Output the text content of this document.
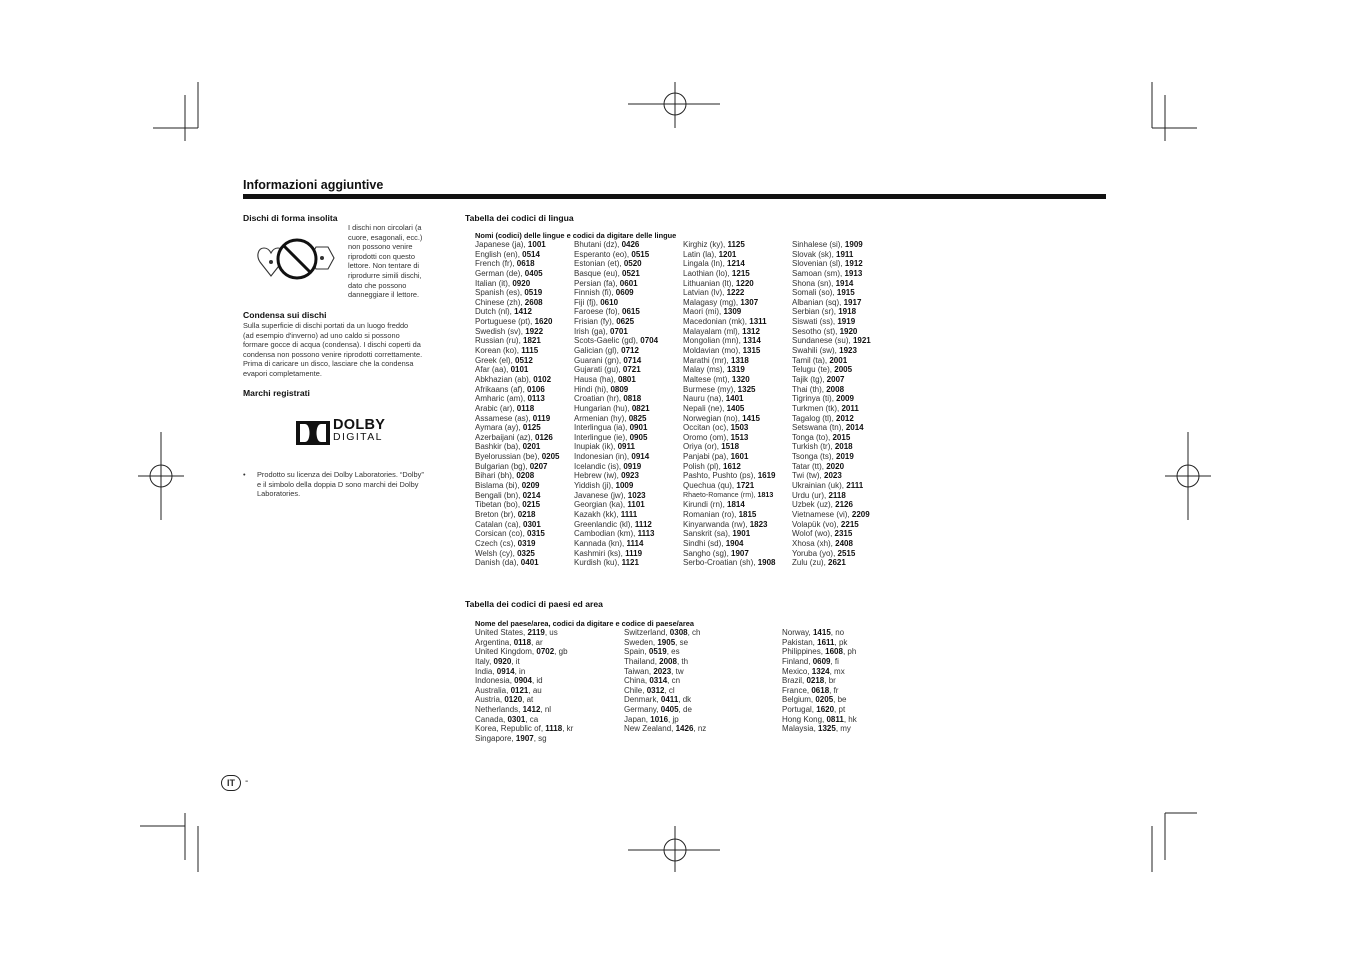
Informazioni aggiuntive
Dischi di forma insolita
I dischi non circolari (a
cuore, esagonali, ecc.)
non possono venire
riprodotti con questo
lettore. Non tentare di
riprodurre simili dischi,
dato che possono
danneggiare il lettore.
Condensa sui dischi
Sulla superficie di dischi portati da un luogo freddo
(ad esempio d'inverno) ad uno caldo si possono
formare gocce di acqua (condensa). I dischi coperti da
condensa non possono venire riprodotti correttamente.
Prima di caricare un disco, lasciare che la condensa
evapori completamente.
Marchi registrati
DOLBY
DIGITAL
• Prodotto su licenza dei Dolby Laboratories. “Dolby”
e il simbolo della doppia D sono marchi dei Dolby
Laboratories.
Tabella dei codici di lingua
Nomi (codici) delle lingue e codici da digitare delle lingue
Japanese (ja), 1001
English (en), 0514
French (fr), 0618
German (de), 0405
Italian (it), 0920
Spanish (es), 0519
Chinese (zh), 2608
Dutch (nl), 1412
Portuguese (pt), 1620
Swedish (sv), 1922
Russian (ru), 1821
Korean (ko), 1115
Greek (el), 0512
Afar (aa), 0101
Abkhazian (ab), 0102
Afrikaans (af), 0106
Amharic (am), 0113
Arabic (ar), 0118
Assamese (as), 0119
Aymara (ay), 0125
Azerbaijani (az), 0126
Bashkir (ba), 0201
Byelorussian (be), 0205
Bulgarian (bg), 0207
Bihari (bh), 0208
Bislama (bi), 0209
Bengali (bn), 0214
Tibetan (bo), 0215
Breton (br), 0218
Catalan (ca), 0301
Corsican (co), 0315
Czech (cs), 0319
Welsh (cy), 0325
Danish (da), 0401
Bhutani (dz), 0426
Esperanto (eo), 0515
Estonian (et), 0520
Basque (eu), 0521
Persian (fa), 0601
Finnish (fi), 0609
Fiji (fj), 0610
Faroese (fo), 0615
Frisian (fy), 0625
Irish (ga), 0701
Scots-Gaelic (gd), 0704
Galician (gl), 0712
Guarani (gn), 0714
Gujarati (gu), 0721
Hausa (ha), 0801
Hindi (hi), 0809
Croatian (hr), 0818
Hungarian (hu), 0821
Armenian (hy), 0825
Interlingua (ia), 0901
Interlingue (ie), 0905
Inupiak (ik), 0911
Indonesian (in), 0914
Icelandic (is), 0919
Hebrew (iw), 0923
Yiddish (ji), 1009
Javanese (jw), 1023
Georgian (ka), 1101
Kazakh (kk), 1111
Greenlandic (kl), 1112
Cambodian (km), 1113
Kannada (kn), 1114
Kashmiri (ks), 1119
Kurdish (ku), 1121
Kirghiz (ky), 1125
Latin (la), 1201
Lingala (ln), 1214
Laothian (lo), 1215
Lithuanian (lt), 1220
Latvian (lv), 1222
Malagasy (mg), 1307
Maori (mi), 1309
Macedonian (mk), 1311
Malayalam (ml), 1312
Mongolian (mn), 1314
Moldavian (mo), 1315
Marathi (mr), 1318
Malay (ms), 1319
Maltese (mt), 1320
Burmese (my), 1325
Nauru (na), 1401
Nepali (ne), 1405
Norwegian (no), 1415
Occitan (oc), 1503
Oromo (om), 1513
Oriya (or), 1518
Panjabi (pa), 1601
Polish (pl), 1612
Pashto, Pushto (ps), 1619
Quechua (qu), 1721
Rhaeto-Romance (rm), 1813
Kirundi (rn), 1814
Romanian (ro), 1815
Kinyarwanda (rw), 1823
Sanskrit (sa), 1901
Sindhi (sd), 1904
Sangho (sg), 1907
Serbo-Croatian (sh), 1908
Sinhalese (si), 1909
Slovak (sk), 1911
Slovenian (sl), 1912
Samoan (sm), 1913
Shona (sn), 1914
Somali (so), 1915
Albanian (sq), 1917
Serbian (sr), 1918
Siswati (ss), 1919
Sesotho (st), 1920
Sundanese (su), 1921
Swahili (sw), 1923
Tamil (ta), 2001
Telugu (te), 2005
Tajik (tg), 2007
Thai (th), 2008
Tigrinya (ti), 2009
Turkmen (tk), 2011
Tagalog (tl), 2012
Setswana (tn), 2014
Tonga (to), 2015
Turkish (tr), 2018
Tsonga (ts), 2019
Tatar (tt), 2020
Twi (tw), 2023
Ukrainian (uk), 2111
Urdu (ur), 2118
Uzbek (uz), 2126
Vietnamese (vi), 2209
Volapük (vo), 2215
Wolof (wo), 2315
Xhosa (xh), 2408
Yoruba (yo), 2515
Zulu (zu), 2621
Tabella dei codici di paesi ed area
Nome del paese/area, codici da digitare e codice di paese/area
United States, 2119, us
Argentina, 0118, ar
United Kingdom, 0702, gb
Italy, 0920, it
India, 0914, in
Indonesia, 0904, id
Australia, 0121, au
Austria, 0120, at
Netherlands, 1412, nl
Canada, 0301, ca
Korea, Republic of, 1118, kr
Singapore, 1907, sg
Switzerland, 0308, ch
Sweden, 1905, se
Spain, 0519, es
Thailand, 2008, th
Taiwan, 2023, tw
China, 0314, cn
Chile, 0312, cl
Denmark, 0411, dk
Germany, 0405, de
Japan, 1016, jp
New Zealand, 1426, nz
Norway, 1415, no
Pakistan, 1611, pk
Philippines, 1608, ph
Finland, 0609, fi
Mexico, 1324, mx
Brazil, 0218, br
France, 0618, fr
Belgium, 0205, be
Portugal, 1620, pt
Hong Kong, 0811, hk
Malaysia, 1325, my
IT	-
